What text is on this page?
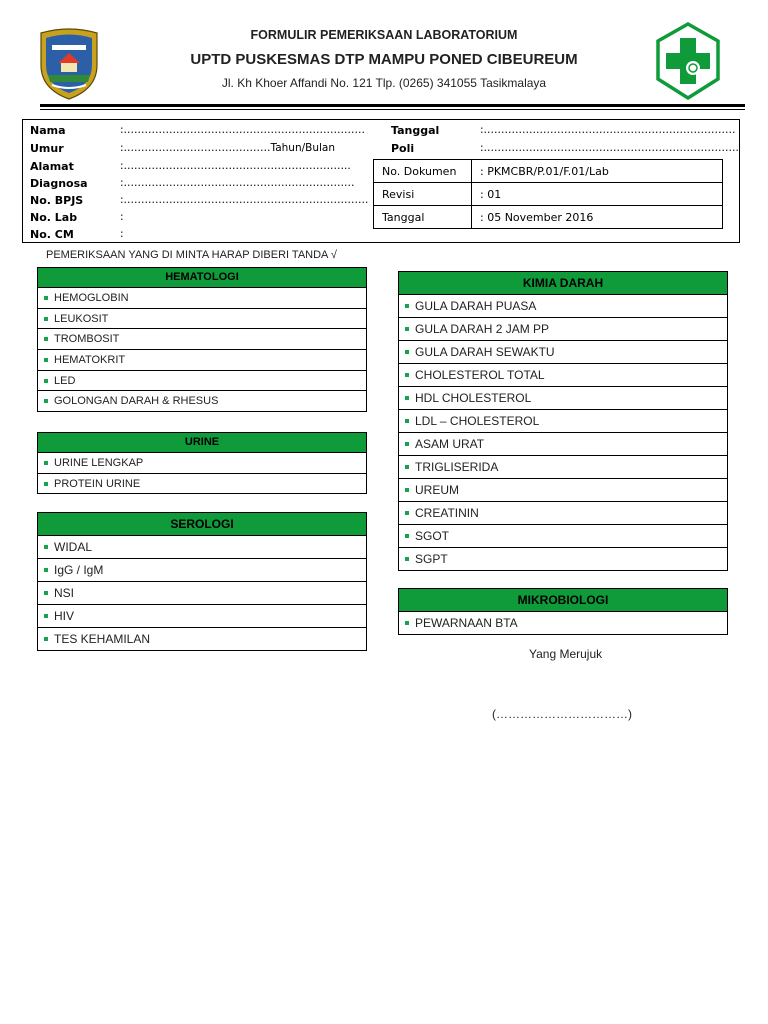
FORMULIR PEMERIKSAAN LABORATORIUM
UPTD PUSKESMAS DTP MAMPU PONED CIBEUREUM
Jl. Kh Khoer Affandi No. 121 Tlp. (0265) 341055 Tasikmalaya
Nama	:……………………………………………………………
Umur	:……………………………………Tahun/Bulan
Alamat	:………………………………………………………..
Diagnosa	:…………………………………………………………
No. BPJS	:…………………………………………………………….
No. Lab	:
No. CM	:
Tanggal	:………………………………………………………………
Poli	:……………………………………………………………….
No. Dokumen	: PKMCBR/P.01/F.01/Lab
Revisi	: 01
Tanggal	: 05 November 2016
PEMERIKSAAN YANG DI MINTA HARAP DIBERI TANDA √
HEMATOLOGI
HEMOGLOBIN
LEUKOSIT
TROMBOSIT
HEMATOKRIT
LED
GOLONGAN DARAH & RHESUS
URINE
URINE LENGKAP
PROTEIN URINE
SEROLOGI
WIDAL
IgG / IgM
NSI
HIV
TES KEHAMILAN
KIMIA DARAH
GULA DARAH PUASA
GULA DARAH 2 JAM PP
GULA DARAH SEWAKTU
CHOLESTEROL TOTAL
HDL CHOLESTEROL
LDL – CHOLESTEROL
ASAM URAT
TRIGLISERIDA
UREUM
CREATININ
SGOT
SGPT
MIKROBIOLOGI
PEWARNAAN BTA
Yang Merujuk
(……………………………)
